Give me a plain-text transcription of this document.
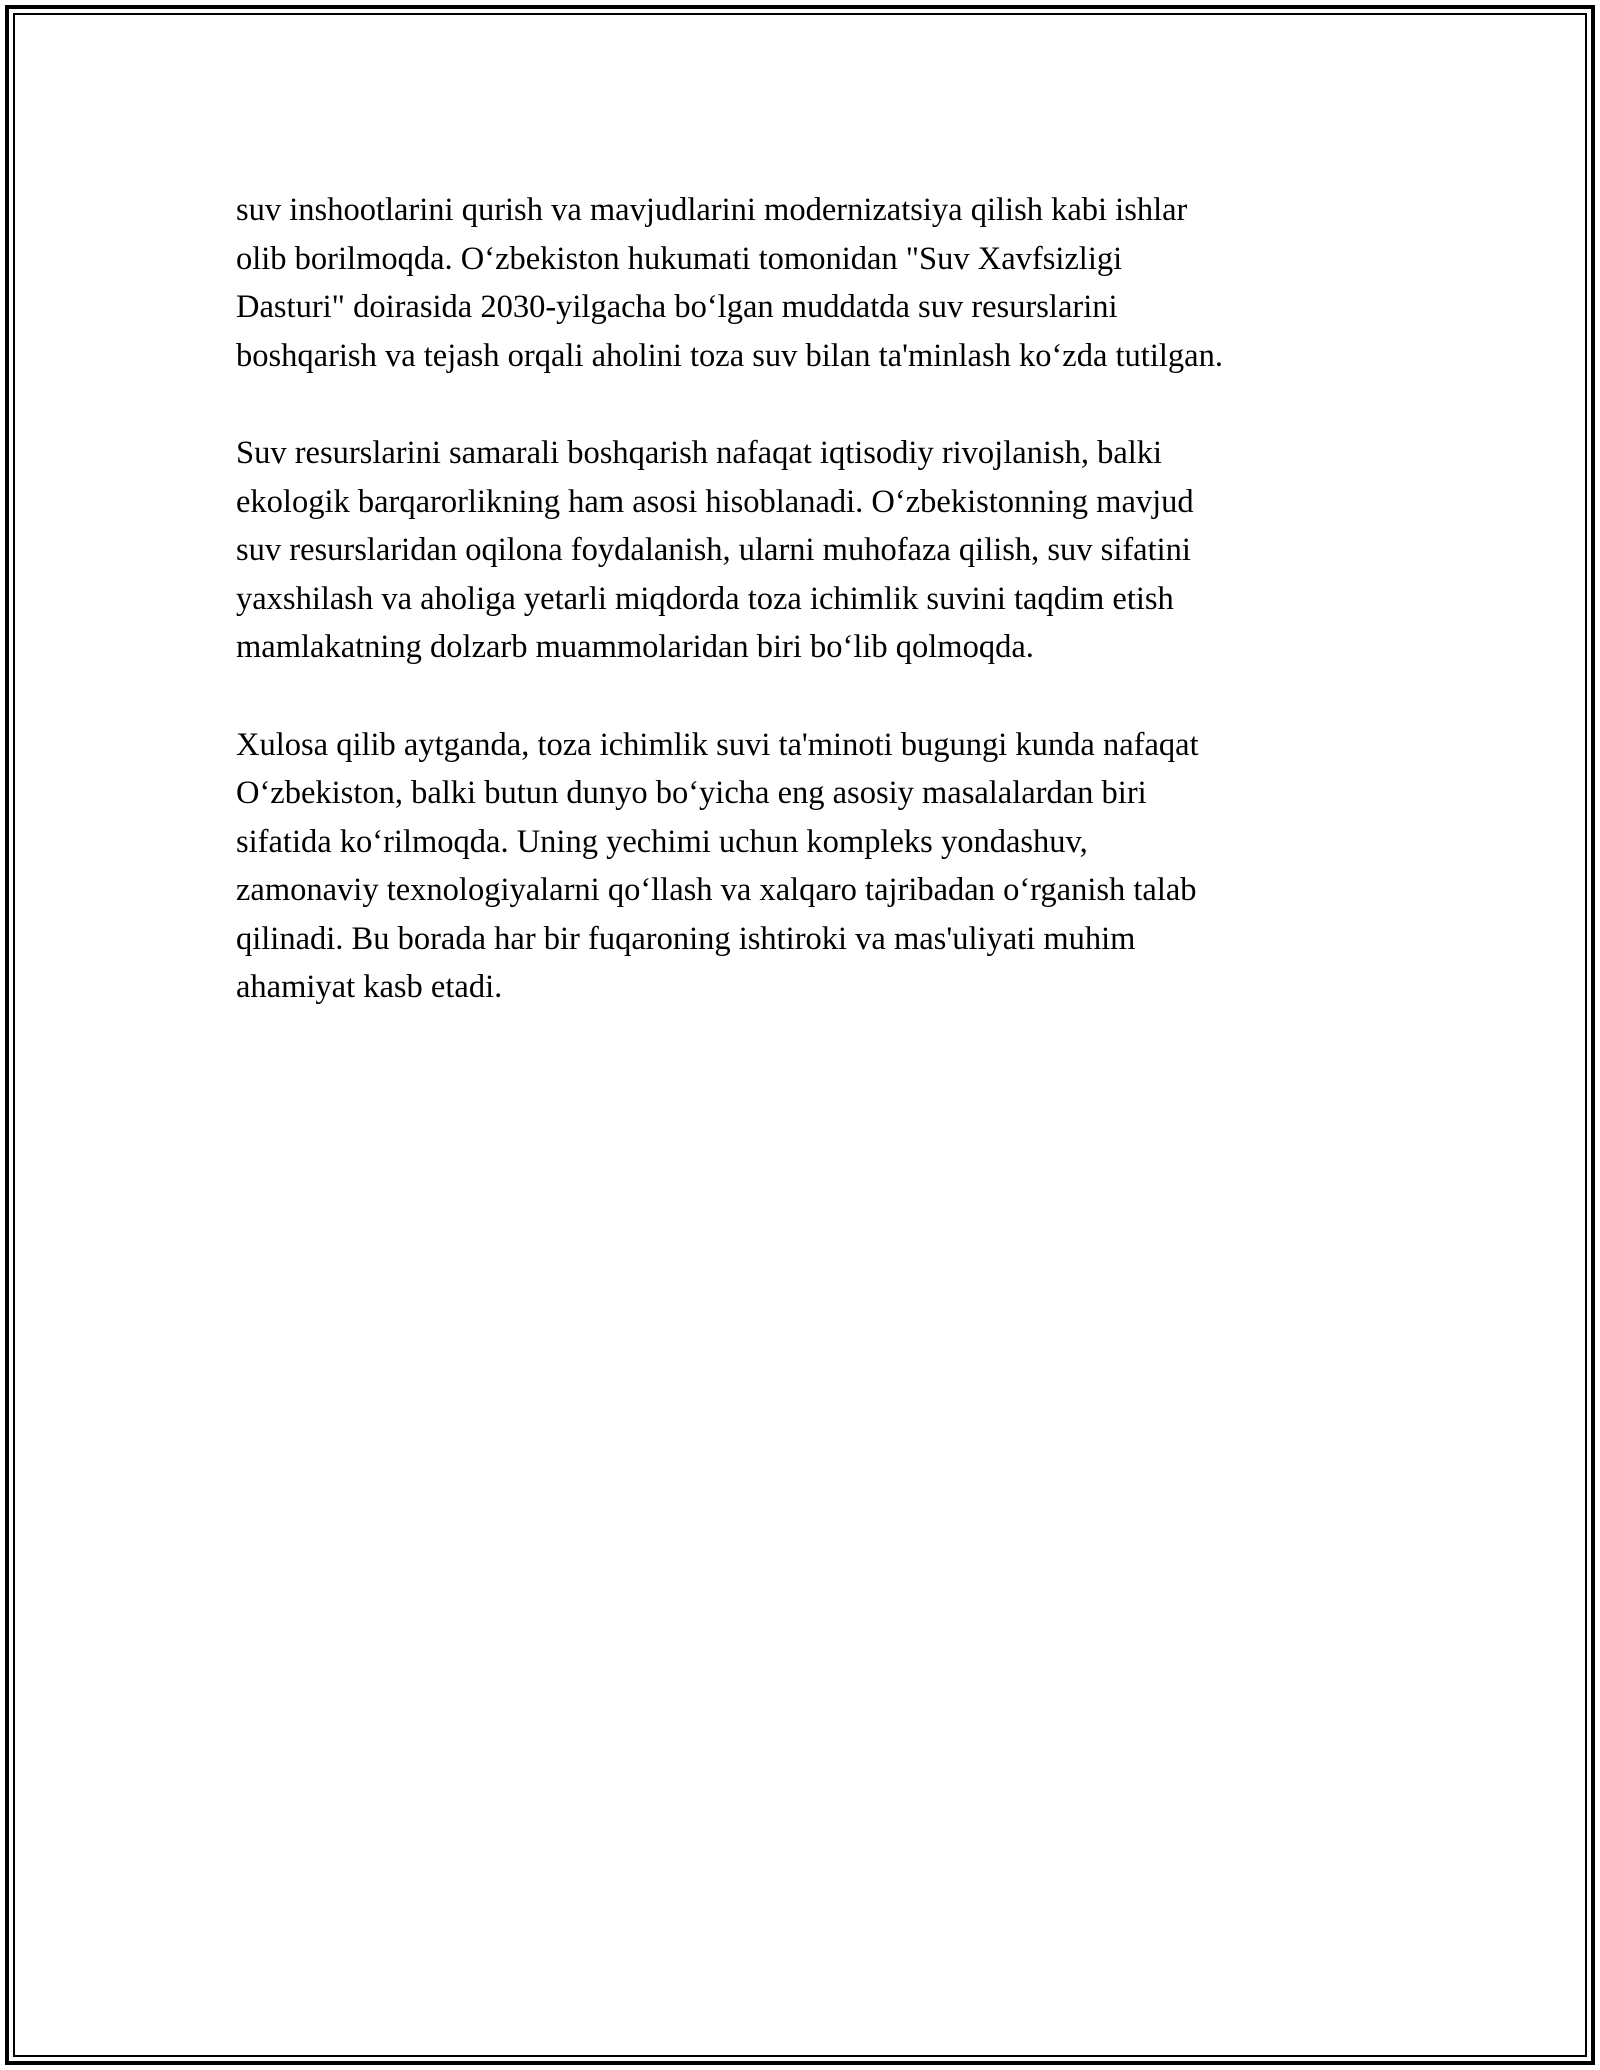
suv inshootlarini qurish va mavjudlarini modernizatsiya qilish kabi ishlar
olib borilmoqda. O‘zbekiston hukumati tomonidan "Suv Xavfsizligi
Dasturi" doirasida 2030-yilgacha bo‘lgan muddatda suv resurslarini
boshqarish va tejash orqali aholini toza suv bilan ta'minlash ko‘zda tutilgan.

Suv resurslarini samarali boshqarish nafaqat iqtisodiy rivojlanish, balki
ekologik barqarorlikning ham asosi hisoblanadi. O‘zbekistonning mavjud
suv resurslaridan oqilona foydalanish, ularni muhofaza qilish, suv sifatini
yaxshilash va aholiga yetarli miqdorda toza ichimlik suvini taqdim etish
mamlakatning dolzarb muammolaridan biri bo‘lib qolmoqda.

Xulosa qilib aytganda, toza ichimlik suvi ta'minoti bugungi kunda nafaqat
O‘zbekiston, balki butun dunyo bo‘yicha eng asosiy masalalardan biri
sifatida ko‘rilmoqda. Uning yechimi uchun kompleks yondashuv,
zamonaviy texnologiyalarni qo‘llash va xalqaro tajribadan o‘rganish talab
qilinadi. Bu borada har bir fuqaroning ishtiroki va mas'uliyati muhim
ahamiyat kasb etadi.
